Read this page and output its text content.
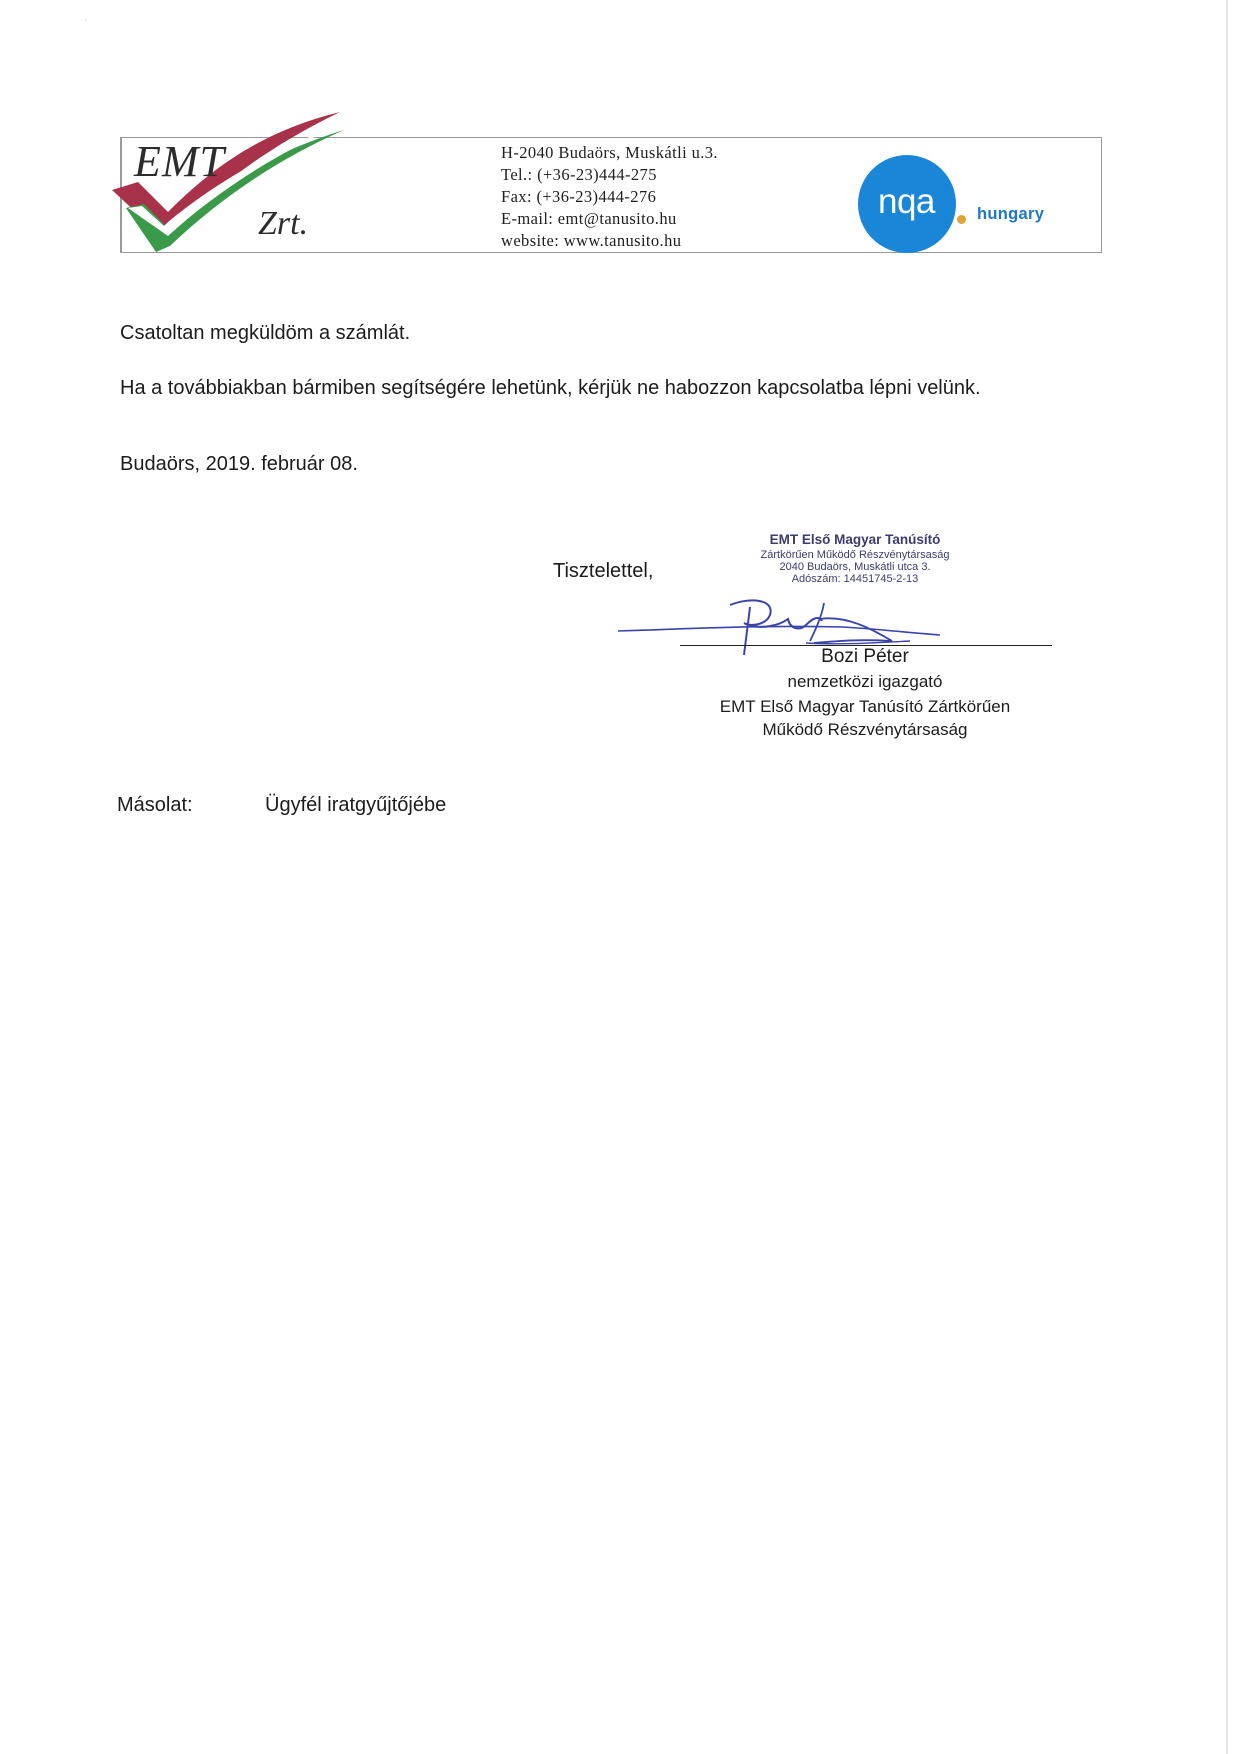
ˈ
EMT
Zrt.
H-2040 Budaörs, Muskátli u.3.
Tel.: (+36-23)444-275
Fax: (+36-23)444-276
E-mail: emt@tanusito.hu
website: www.tanusito.hu
nqa	hungary
Csatoltan megküldöm a számlát.
Ha a továbbiakban bármiben segítségére lehetünk, kérjük ne habozzon kapcsolatba lépni velünk.
Budaörs, 2019. február 08.
Tisztelettel,
EMT Első Magyar Tanúsító
Zártkörűen Működő Részvénytársaság
2040 Budaörs, Muskátli utca 3.
Adószám: 14451745-2-13
Bozi Péter
nemzetközi igazgató
EMT Első Magyar Tanúsító Zártkörűen
Működő Részvénytársaság
Másolat:	Ügyfél iratgyűjtőjébe
